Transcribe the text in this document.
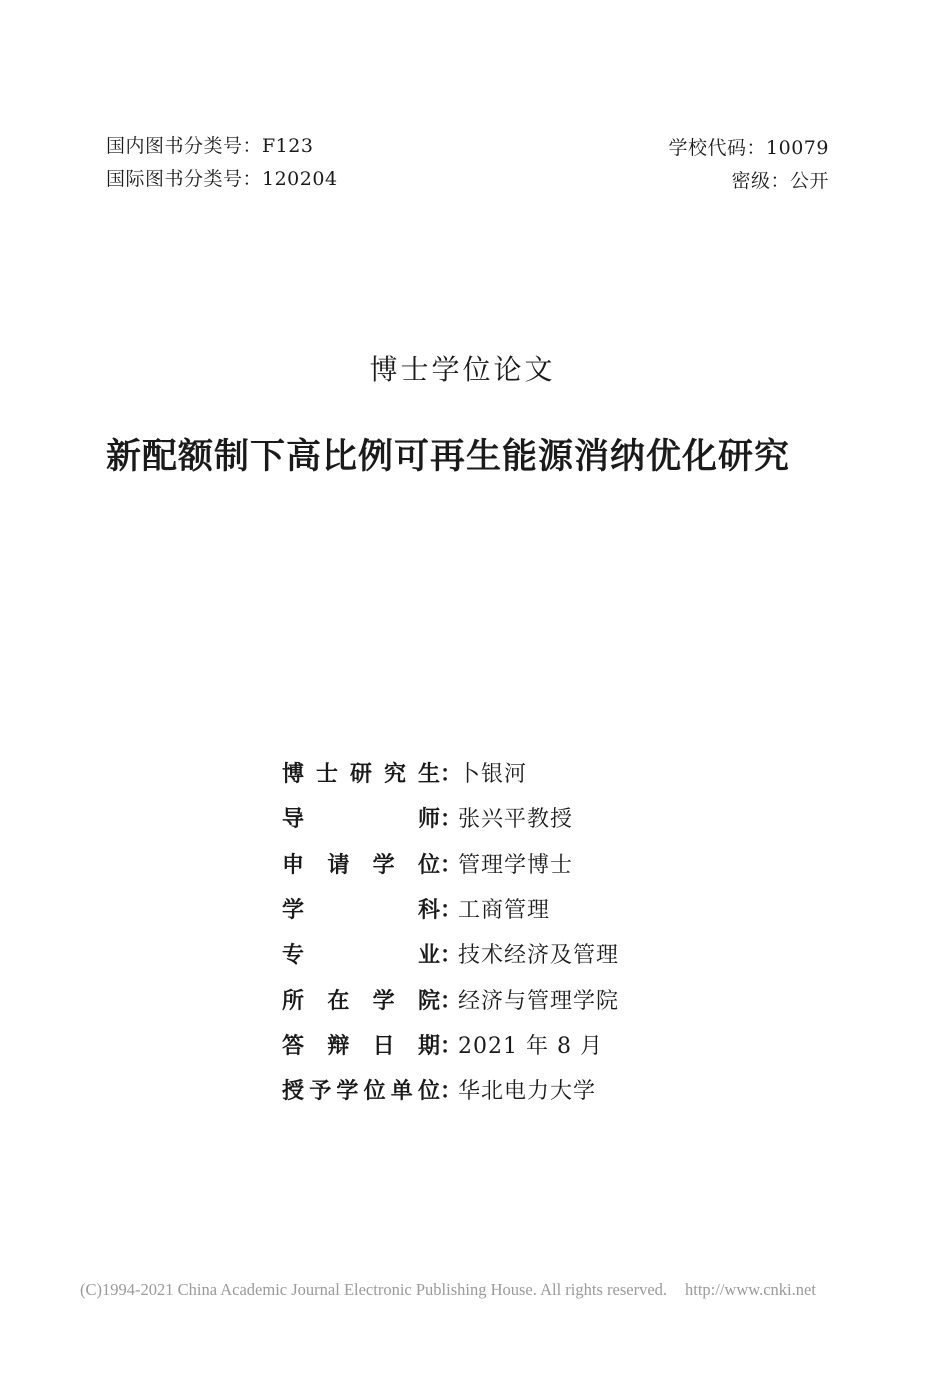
国内图书分类号：F123
国际图书分类号：120204
学校代码：10079
密级：公开
博士学位论文
新配额制下高比例可再生能源消纳优化研究
博 士 研 究 生 ：
卜银河
导	师 ：
张兴平教授
申 请 学 位 ：
管理学博士
学	科 ：
工商管理
专	业 ：
技术经济及管理
所 在 学 院 ：
经济与管理学院
答 辩 日 期 ：
2021 年 8 月
授 予 学 位 单 位 ：
华北电力大学
(C)1994-2021 China Academic Journal Electronic Publishing House. All rights reserved. http://www.cnki.net
